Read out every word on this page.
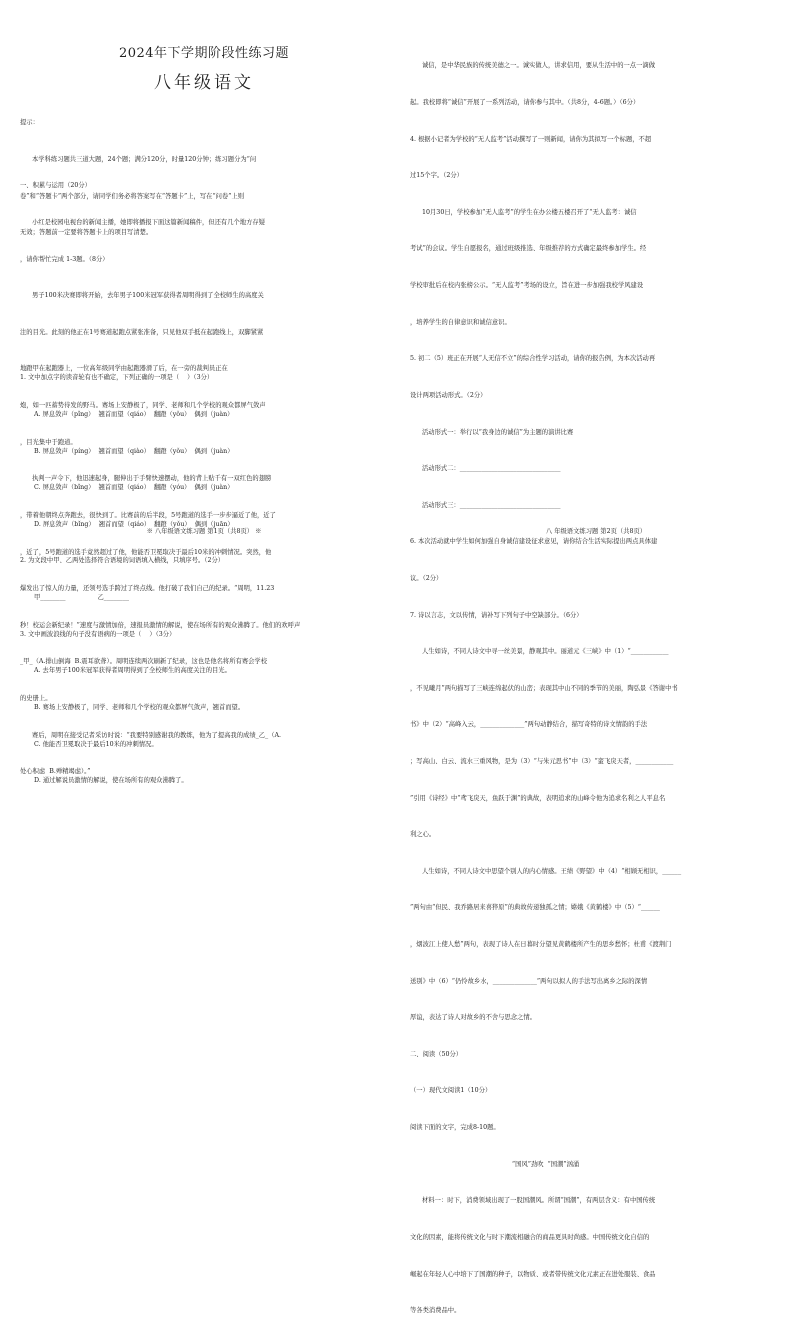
2024年下学期阶段性练习题
八年级语文

提示：

本学科练习题共三道大题，24个题；满分120分，时量120分钟；练习题分为“问

卷”和“答题卡”两个部分，请同学们务必将答案写在“答题卡”上，写在“问卷”上则

无效；答题前一定要将答题卡上的项目写清楚。

一、积累与运用（20分）

小红是校园电视台的新闻主播，她即将播报下面这篇新闻稿件，但还有几个地方存疑

，请你帮忙完成 1-3题。（8分）

男子100米决赛即将开始，去年男子100米冠军获得者周明得到了全校师生的高度关

注的目光。此刻的他正在1号赛道起跑点紧张准备，只见他双手抵在起跑线上，双脚紧紧

地蹬甲在起跑器上，一位高年级同学由起跑器滑了后，在一旁的裁判员正在

炮，如一匹蓄势待发的野马。赛场上安静极了，同学、老师和几个学校的观众都屏气敛声

，目光集中于跑道。

执判一声令下，他迅速起身，腿伸出于手臂快速摆动，他的背上贴千有一双红色的翅膀

，带着他朝终点奔跑去，很快到了。比赛前的后半段，5号跑道的选手一步步逼近了他，近了

，近了，5号跑道的选手竟然超过了他，他能否卫冕取决于最后10米的冲刺情况。突然，他

爆发出了惊人的力量，还领号选手跨过了终点线。他打破了我们自己的纪录。“周明，11.23

秒！校运会新纪录！”速度与激情加倍，速报员激情的解说，使在场所有的观众沸腾了。他们的欢呼声

_甲_（A.排山倒海  B.震耳欲聋）。周明连续两次刷新了纪录，这也是他名将所有赛会学校

的史册上。

赛后，周明在接受记者采访时说：“我要特别感谢我的教练，他为了提高我的成绩_乙_（A.

处心积虑  B.殚精竭虑）。”

1. 文中加点字的读音轮有也不确定，下列正确的一项是（    ）（3分）

A. 屏息敛声（pǐng）  翘首而望（qiáo）  翻蹬（yǒu）  偶到（juàn）

B. 屏息敛声（píng）  翘首而望（qiào）  翻蹬（yǒu）  偶到（juàn）

C. 屏息敛声（bǐng）  翘首而望（qiáo）  翻蹬（yóu）  偶到（juàn）

D. 屏息敛声（bǐng）  翘首而望（qiáo）  翻蹬（yǒu）  偶到（juān）

2. 为文段中甲、乙两处选择符合语境的词语填入横线，只填序号。（2分）

甲________                乙________

3. 文中画波浪线的句子没有语病的一项是（    ）（3分）

A. 去年男子100米冠军获得者周明得到了全校师生的高度关注的目光。

B. 赛场上安静极了，同学、老师和几个学校的观众都屏气敛声，翘首而望。

C. 他能否卫冕取决于最后10米的冲刺情况。

D. 通过解说员激情的解说，使在场所有的观众沸腾了。

※ 八年级语文练习题 第1页（共8页） ※

诚信，是中华民族的传统美德之一。诚实做人，讲求信用，要从生活中的一点一滴做

起。我校即将“诚信”开展了一系列活动，请你参与其中。（共8分，4-6题。）（6分）

4. 根据小记者为学校的“无人监考”活动撰写了一则新闻，请你为其拟写一个标题，不超

过15个字。（2分）

10月30日，学校参加“无人监考”的学生在办公楼五楼召开了“无人监考：诚信

考试”的会议。学生自愿报名，通过班级推选、年级推荐的方式确定最终参加学生。经

学校审批后在校内张榜公示。“无人监考”考场的设立，旨在进一步加强我校学风建设

，培养学生的自律意识和诚信意识。

5. 初二（5）班正在开展“人无信不立”的综合性学习活动，请你的报告例，为本次活动再

设计两项活动形式。（2分）

活动形式一：举行以“我身边的诚信”为主题的演讲比赛

活动形式二：________________________________

活动形式三：________________________________

6. 本次活动就中学生如何加强自身诚信建设征求意见，请你结合生活实际提出两点具体建

议。（2分）

7. 诗以言志，文以传情，请补写下列句子中空缺部分。（6分）

人生如诗，不同人诗文中寻一丝美景，静观其中。丽道元《三峡》中（1）“____________

，不见曦月”两句描写了三峡连绵起伏的山峦；表现其中山不同的季节的美丽，陶弘景《答谢中书

书》中（2）“高峰入云，______________”两句动静结合，描写奇特的诗文情韵的手法

；写高山、白云、流水三重风物，是为（3）“与朱元思书”中（3）“蛮飞戾天者，____________

”引用《诗经》中“鸢飞戾天，鱼跃于渊”的典故，表明追求的山峰令他为追求名利之人平息名

利之心。

人生如诗，不同人诗文中思望个别人的内心情感。王绩《野望》中（4）“相顾无相识，______

”两句由“但民、我乔路居来喜猝原”的典故传递独孤之情；嫦娥《黄鹤楼》中（5）“______

，烟波江上使人愁”两句，表现了诗人在日暮时分望见黄鹤楼所产生的思乡愁怀；杜甫《渡荆门

送别》中（6）“仍怜故乡水，______________”两句以拟人的手法写出离乡之际的深情

厚谊，表达了诗人对故乡的不舍与思念之情。

二、阅读（50分）

（一）现代文阅读1（10分）

阅读下面的文字，完成8-10题。

“国风”劲吹  “国潮”汹涌

材料一：时下，消费领域出现了一股国潮风。所谓“国潮”，有两层含义：有中国传统

文化的因素，能将传统文化与时下潮流相融合的商品更具时尚感。中国传统文化自信的

崛起在年轻人心中培下了国潮的种子，以物质、或者带传统文化元素正在进处服装、食品

等各类消费品中。

八 年级语文练习题 第2页（共8页）
